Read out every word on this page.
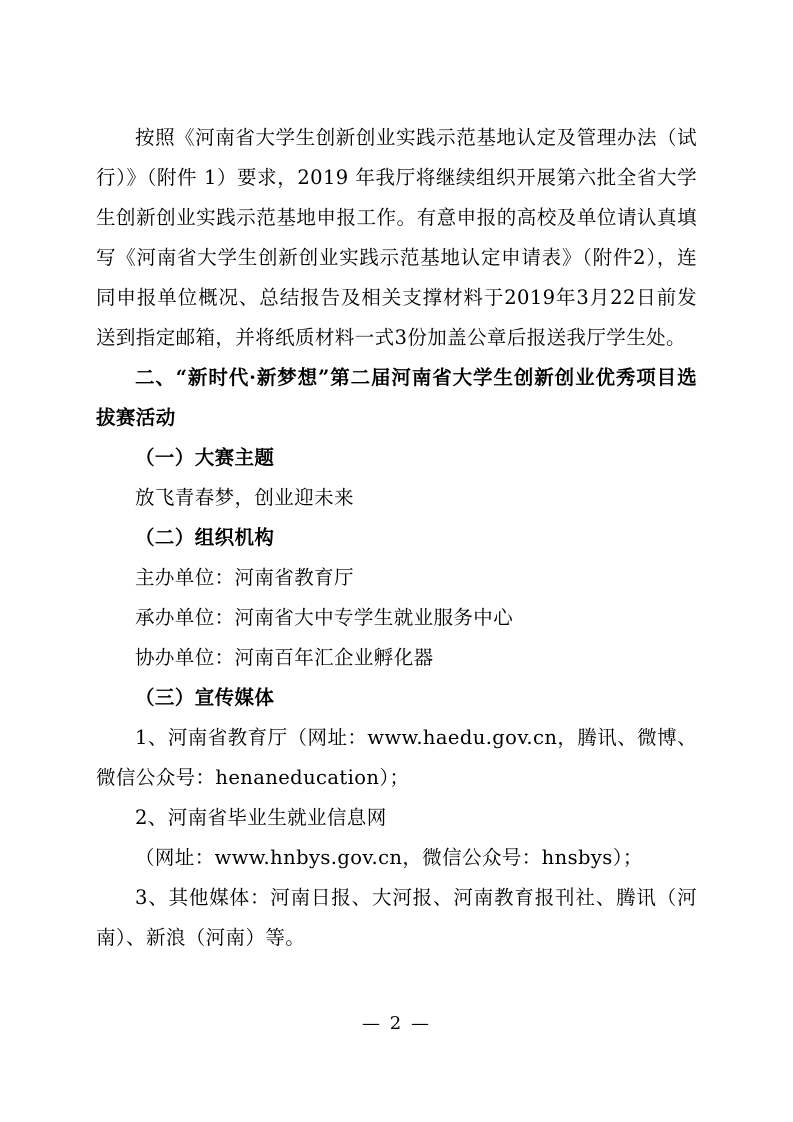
按照《河南省大学生创新创业实践示范基地认定及管理办法（试行）》（附件 1）要求，2019 年我厅将继续组织开展第六批全省大学生创新创业实践示范基地申报工作。有意申报的高校及单位请认真填写《河南省大学生创新创业实践示范基地认定申请表》（附件2），连同申报单位概况、总结报告及相关支撑材料于2019年3月22日前发送到指定邮箱，并将纸质材料一式3份加盖公章后报送我厅学生处。

二、“新时代·新梦想”第二届河南省大学生创新创业优秀项目选拔赛活动

（一）大赛主题

放飞青春梦，创业迎未来

（二）组织机构

主办单位：河南省教育厅

承办单位：河南省大中专学生就业服务中心

协办单位：河南百年汇企业孵化器

（三）宣传媒体

1、河南省教育厅（网址：www.haedu.gov.cn，腾讯、微博、微信公众号：henaneducation）；

2、河南省毕业生就业信息网

（网址：www.hnbys.gov.cn，微信公众号：hnsbys）；

3、其他媒体：河南日报、大河报、河南教育报刊社、腾讯（河南）、新浪（河南）等。

— 2 —
